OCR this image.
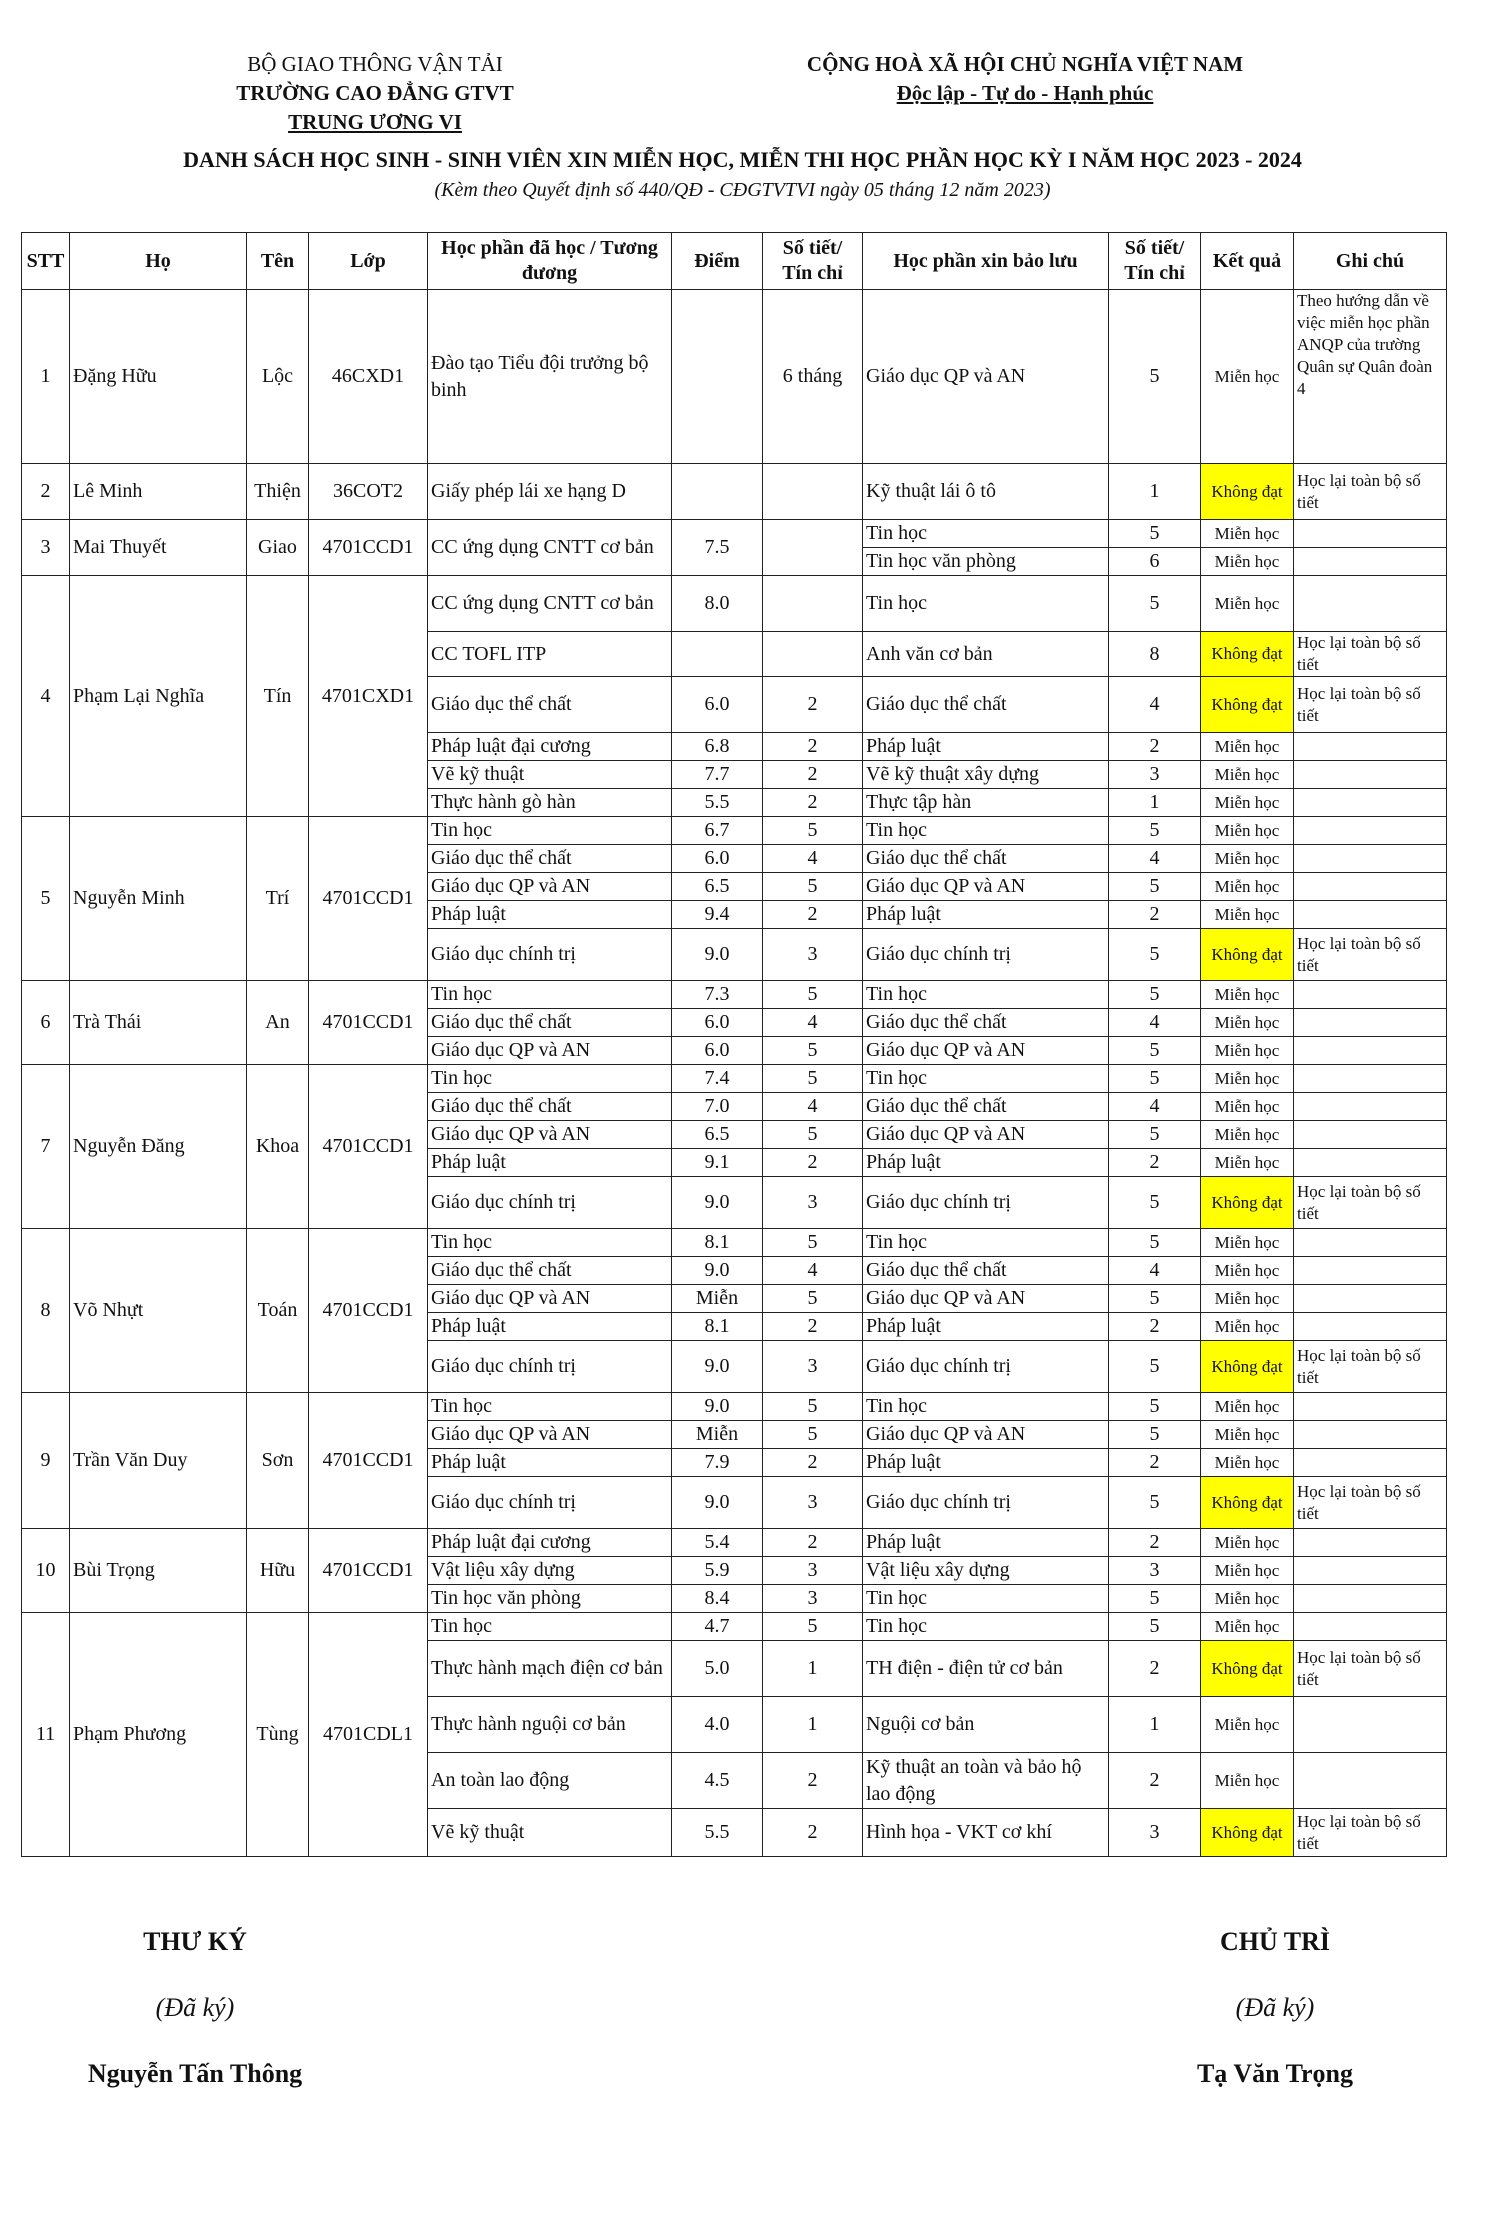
BỘ GIAO THÔNG VẬN TẢI
TRƯỜNG CAO ĐẲNG GTVT
TRUNG ƯƠNG VI
CỘNG HOÀ XÃ HỘI CHỦ NGHĨA VIỆT NAM
Độc lập - Tự do - Hạnh phúc
DANH SÁCH HỌC SINH - SINH VIÊN XIN MIỄN HỌC, MIỄN THI HỌC PHẦN HỌC KỲ I NĂM HỌC 2023 - 2024
(Kèm theo Quyết định số 440/QĐ - CĐGTVTVI ngày 05 tháng 12 năm 2023)
STT	Họ	Tên	Lớp	Học phần đã học / Tương đương	Điểm	Số tiết/ Tín chỉ	Học phần xin bảo lưu	Số tiết/ Tín chỉ	Kết quả	Ghi chú
1	Đặng Hữu	Lộc	46CXD1	Đào tạo Tiểu đội trưởng bộ binh		6 tháng	Giáo dục QP và AN	5	Miễn học	Theo hướng dẫn về việc miễn học phần ANQP của trường Quân sự Quân đoàn 4
2	Lê Minh	Thiện	36COT2	Giấy phép lái xe hạng D			Kỹ thuật lái ô tô	1	Không đạt	Học lại toàn bộ số tiết
3	Mai Thuyết	Giao	4701CCD1	CC ứng dụng CNTT cơ bản	7.5		Tin học	5	Miễn học	
							Tin học văn phòng	6	Miễn học	
4	Phạm Lại Nghĩa	Tín	4701CXD1	CC ứng dụng CNTT cơ bản	8.0		Tin học	5	Miễn học	
				CC TOFL ITP			Anh văn cơ bản	8	Không đạt	Học lại toàn bộ số tiết
				Giáo dục thể chất	6.0	2	Giáo dục thể chất	4	Không đạt	Học lại toàn bộ số tiết
				Pháp luật đại cương	6.8	2	Pháp luật	2	Miễn học	
				Vẽ kỹ thuật	7.7	2	Vẽ kỹ thuật xây dựng	3	Miễn học	
				Thực hành gò hàn	5.5	2	Thực tập hàn	1	Miễn học	
5	Nguyễn Minh	Trí	4701CCD1	Tin học	6.7	5	Tin học	5	Miễn học	
				Giáo dục thể chất	6.0	4	Giáo dục thể chất	4	Miễn học	
				Giáo dục QP và AN	6.5	5	Giáo dục QP và AN	5	Miễn học	
				Pháp luật	9.4	2	Pháp luật	2	Miễn học	
				Giáo dục chính trị	9.0	3	Giáo dục chính trị	5	Không đạt	Học lại toàn bộ số tiết
6	Trà Thái	An	4701CCD1	Tin học	7.3	5	Tin học	5	Miễn học	
				Giáo dục thể chất	6.0	4	Giáo dục thể chất	4	Miễn học	
				Giáo dục QP và AN	6.0	5	Giáo dục QP và AN	5	Miễn học	
7	Nguyễn Đăng	Khoa	4701CCD1	Tin học	7.4	5	Tin học	5	Miễn học	
				Giáo dục thể chất	7.0	4	Giáo dục thể chất	4	Miễn học	
				Giáo dục QP và AN	6.5	5	Giáo dục QP và AN	5	Miễn học	
				Pháp luật	9.1	2	Pháp luật	2	Miễn học	
				Giáo dục chính trị	9.0	3	Giáo dục chính trị	5	Không đạt	Học lại toàn bộ số tiết
8	Võ Nhựt	Toán	4701CCD1	Tin học	8.1	5	Tin học	5	Miễn học	
				Giáo dục thể chất	9.0	4	Giáo dục thể chất	4	Miễn học	
				Giáo dục QP và AN	Miễn	5	Giáo dục QP và AN	5	Miễn học	
				Pháp luật	8.1	2	Pháp luật	2	Miễn học	
				Giáo dục chính trị	9.0	3	Giáo dục chính trị	5	Không đạt	Học lại toàn bộ số tiết
9	Trần Văn Duy	Sơn	4701CCD1	Tin học	9.0	5	Tin học	5	Miễn học	
				Giáo dục QP và AN	Miễn	5	Giáo dục QP và AN	5	Miễn học	
				Pháp luật	7.9	2	Pháp luật	2	Miễn học	
				Giáo dục chính trị	9.0	3	Giáo dục chính trị	5	Không đạt	Học lại toàn bộ số tiết
10	Bùi Trọng	Hữu	4701CCD1	Pháp luật đại cương	5.4	2	Pháp luật	2	Miễn học	
				Vật liệu xây dựng	5.9	3	Vật liệu xây dựng	3	Miễn học	
				Tin học văn phòng	8.4	3	Tin học	5	Miễn học	
11	Phạm Phương	Tùng	4701CDL1	Tin học	4.7	5	Tin học	5	Miễn học	
				Thực hành mạch điện cơ bản	5.0	1	TH điện - điện tử cơ bản	2	Không đạt	Học lại toàn bộ số tiết
				Thực hành nguội cơ bản	4.0	1	Nguội cơ bản	1	Miễn học	
				An toàn lao động	4.5	2	Kỹ thuật an toàn và bảo hộ lao động	2	Miễn học	
				Vẽ kỹ thuật	5.5	2	Hình họa - VKT cơ khí	3	Không đạt	Học lại toàn bộ số tiết
THƯ KÝ
(Đã ký)
Nguyễn Tấn Thông
CHỦ TRÌ
(Đã ký)
Tạ Văn Trọng
